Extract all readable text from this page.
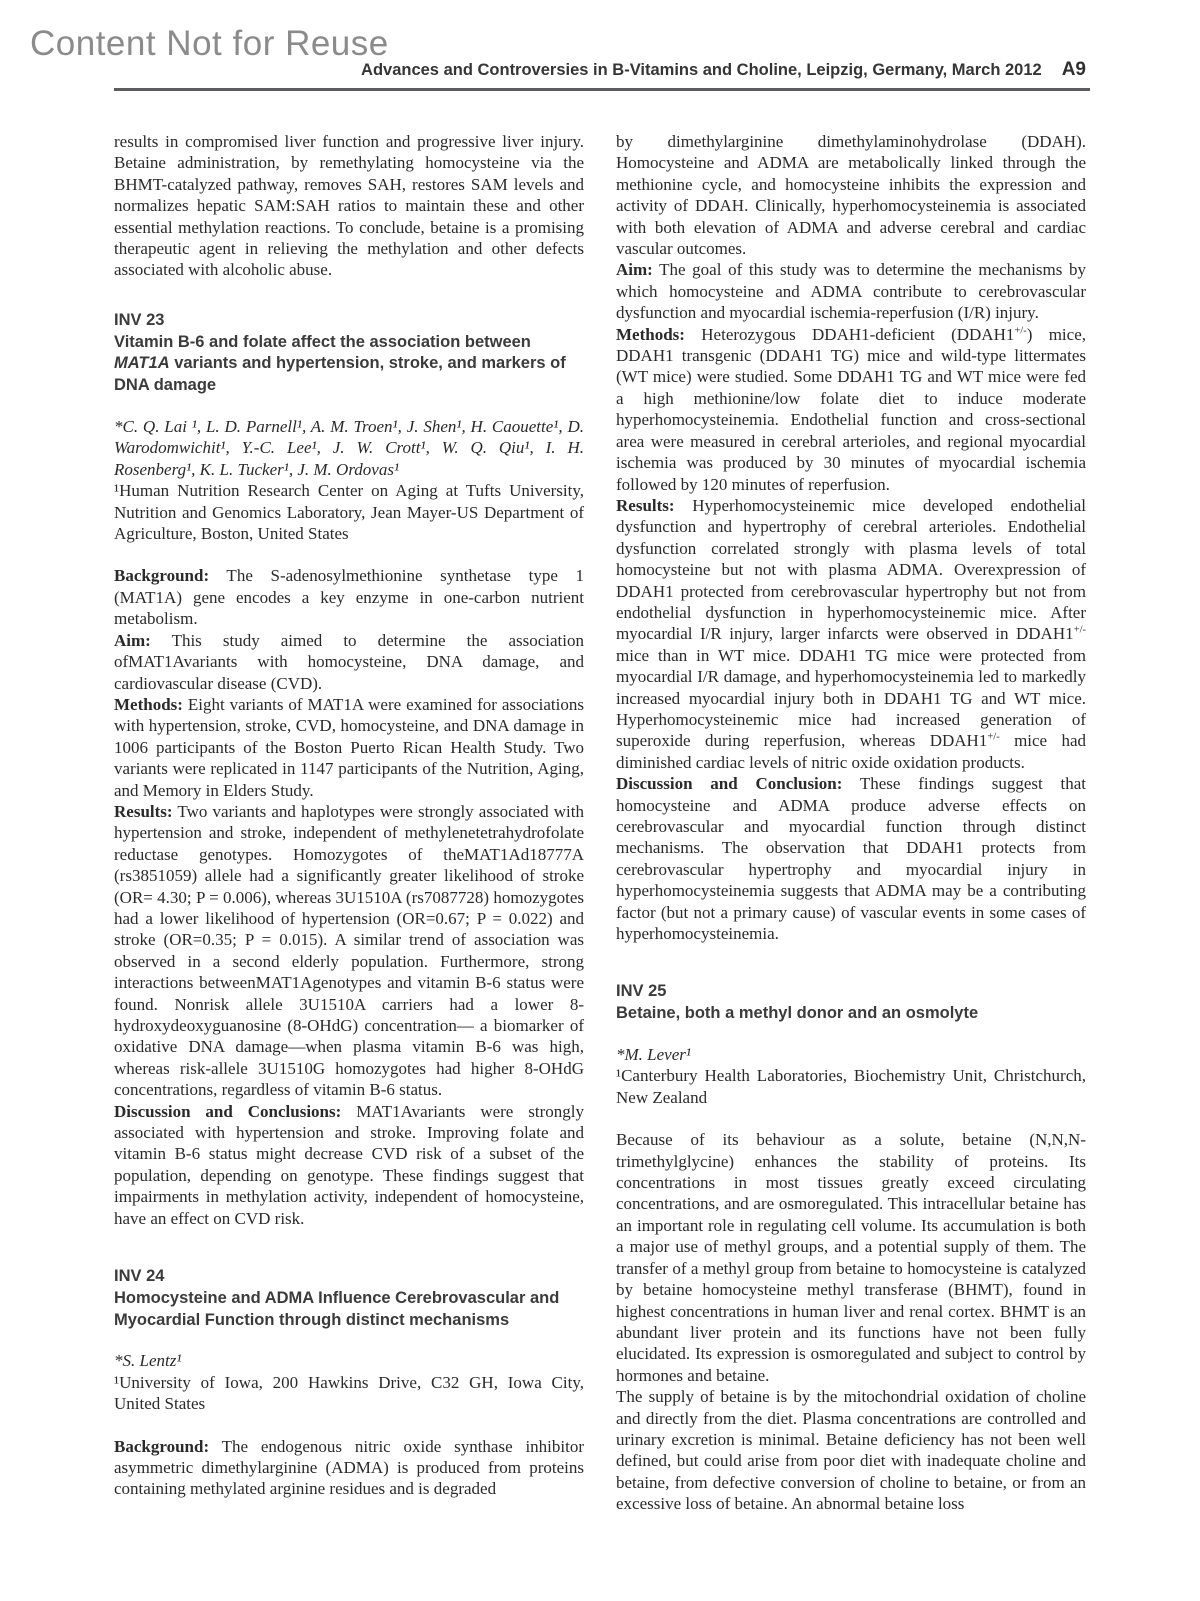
Content Not for Reuse
Advances and Controversies in B-Vitamins and Choline, Leipzig, Germany, March 2012 A9

results in compromised liver function and progressive liver injury. Betaine administration, by remethylating homocysteine via the BHMT-catalyzed pathway, removes SAH, restores SAM levels and normalizes hepatic SAM:SAH ratios to maintain these and other essential methylation reactions. To conclude, betaine is a promising therapeutic agent in relieving the methylation and other defects associated with alcoholic abuse.

INV 23

Vitamin B-6 and folate affect the association between MAT1A variants and hypertension, stroke, and markers of DNA damage

*C. Q. Lai ¹, L. D. Parnell¹, A. M. Troen¹, J. Shen¹, H. Caouette¹, D. Warodomwichit¹, Y.-C. Lee¹, J. W. Crott¹, W. Q. Qiu¹, I. H. Rosenberg¹, K. L. Tucker¹, J. M. Ordovas¹

¹Human Nutrition Research Center on Aging at Tufts University, Nutrition and Genomics Laboratory, Jean Mayer-US Department of Agriculture, Boston, United States

Background: The S-adenosylmethionine synthetase type 1 (MAT1A) gene encodes a key enzyme in one-carbon nutrient metabolism.

Aim: This study aimed to determine the association ofMAT1Avariants with homocysteine, DNA damage, and cardiovascular disease (CVD).

Methods: Eight variants of MAT1A were examined for associations with hypertension, stroke, CVD, homocysteine, and DNA damage in 1006 participants of the Boston Puerto Rican Health Study. Two variants were replicated in 1147 participants of the Nutrition, Aging, and Memory in Elders Study.

Results: Two variants and haplotypes were strongly associated with hypertension and stroke, independent of methylenetetrahydrofolate reductase genotypes. Homozygotes of theMAT1Ad18777A (rs3851059) allele had a significantly greater likelihood of stroke (OR= 4.30; P = 0.006), whereas 3U1510A (rs7087728) homozygotes had a lower likelihood of hypertension (OR=0.67; P = 0.022) and stroke (OR=0.35; P = 0.015). A similar trend of association was observed in a second elderly population. Furthermore, strong interactions betweenMAT1Agenotypes and vitamin B-6 status were found. Nonrisk allele 3U1510A carriers had a lower 8-hydroxydeoxyguanosine (8-OHdG) concentration— a biomarker of oxidative DNA damage—when plasma vitamin B-6 was high, whereas risk-allele 3U1510G homozygotes had higher 8-OHdG concentrations, regardless of vitamin B-6 status.

Discussion and Conclusions: MAT1Avariants were strongly associated with hypertension and stroke. Improving folate and vitamin B-6 status might decrease CVD risk of a subset of the population, depending on genotype. These findings suggest that impairments in methylation activity, independent of homocysteine, have an effect on CVD risk.

INV 24

Homocysteine and ADMA Influence Cerebrovascular and Myocardial Function through distinct mechanisms

*S. Lentz¹

¹University of Iowa, 200 Hawkins Drive, C32 GH, Iowa City, United States

Background: The endogenous nitric oxide synthase inhibitor asymmetric dimethylarginine (ADMA) is produced from proteins containing methylated arginine residues and is degraded

by dimethylarginine dimethylaminohydrolase (DDAH). Homocysteine and ADMA are metabolically linked through the methionine cycle, and homocysteine inhibits the expression and activity of DDAH. Clinically, hyperhomocysteinemia is associated with both elevation of ADMA and adverse cerebral and cardiac vascular outcomes.

Aim: The goal of this study was to determine the mechanisms by which homocysteine and ADMA contribute to cerebrovascular dysfunction and myocardial ischemia-reperfusion (I/R) injury.

Methods: Heterozygous DDAH1-deficient (DDAH1+/-) mice, DDAH1 transgenic (DDAH1 TG) mice and wild-type littermates (WT mice) were studied. Some DDAH1 TG and WT mice were fed a high methionine/low folate diet to induce moderate hyperhomocysteinemia. Endothelial function and cross-sectional area were measured in cerebral arterioles, and regional myocardial ischemia was produced by 30 minutes of myocardial ischemia followed by 120 minutes of reperfusion.

Results: Hyperhomocysteinemic mice developed endothelial dysfunction and hypertrophy of cerebral arterioles. Endothelial dysfunction correlated strongly with plasma levels of total homocysteine but not with plasma ADMA. Overexpression of DDAH1 protected from cerebrovascular hypertrophy but not from endothelial dysfunction in hyperhomocysteinemic mice. After myocardial I/R injury, larger infarcts were observed in DDAH1+/- mice than in WT mice. DDAH1 TG mice were protected from myocardial I/R damage, and hyperhomocysteinemia led to markedly increased myocardial injury both in DDAH1 TG and WT mice. Hyperhomocysteinemic mice had increased generation of superoxide during reperfusion, whereas DDAH1+/- mice had diminished cardiac levels of nitric oxide oxidation products.

Discussion and Conclusion: These findings suggest that homocysteine and ADMA produce adverse effects on cerebrovascular and myocardial function through distinct mechanisms. The observation that DDAH1 protects from cerebrovascular hypertrophy and myocardial injury in hyperhomocysteinemia suggests that ADMA may be a contributing factor (but not a primary cause) of vascular events in some cases of hyperhomocysteinemia.

INV 25

Betaine, both a methyl donor and an osmolyte

*M. Lever¹

¹Canterbury Health Laboratories, Biochemistry Unit, Christchurch, New Zealand

Because of its behaviour as a solute, betaine (N,N,N-trimethylglycine) enhances the stability of proteins. Its concentrations in most tissues greatly exceed circulating concentrations, and are osmoregulated. This intracellular betaine has an important role in regulating cell volume. Its accumulation is both a major use of methyl groups, and a potential supply of them. The transfer of a methyl group from betaine to homocysteine is catalyzed by betaine homocysteine methyl transferase (BHMT), found in highest concentrations in human liver and renal cortex. BHMT is an abundant liver protein and its functions have not been fully elucidated. Its expression is osmoregulated and subject to control by hormones and betaine.

The supply of betaine is by the mitochondrial oxidation of choline and directly from the diet. Plasma concentrations are controlled and urinary excretion is minimal. Betaine deficiency has not been well defined, but could arise from poor diet with inadequate choline and betaine, from defective conversion of choline to betaine, or from an excessive loss of betaine. An abnormal betaine loss
